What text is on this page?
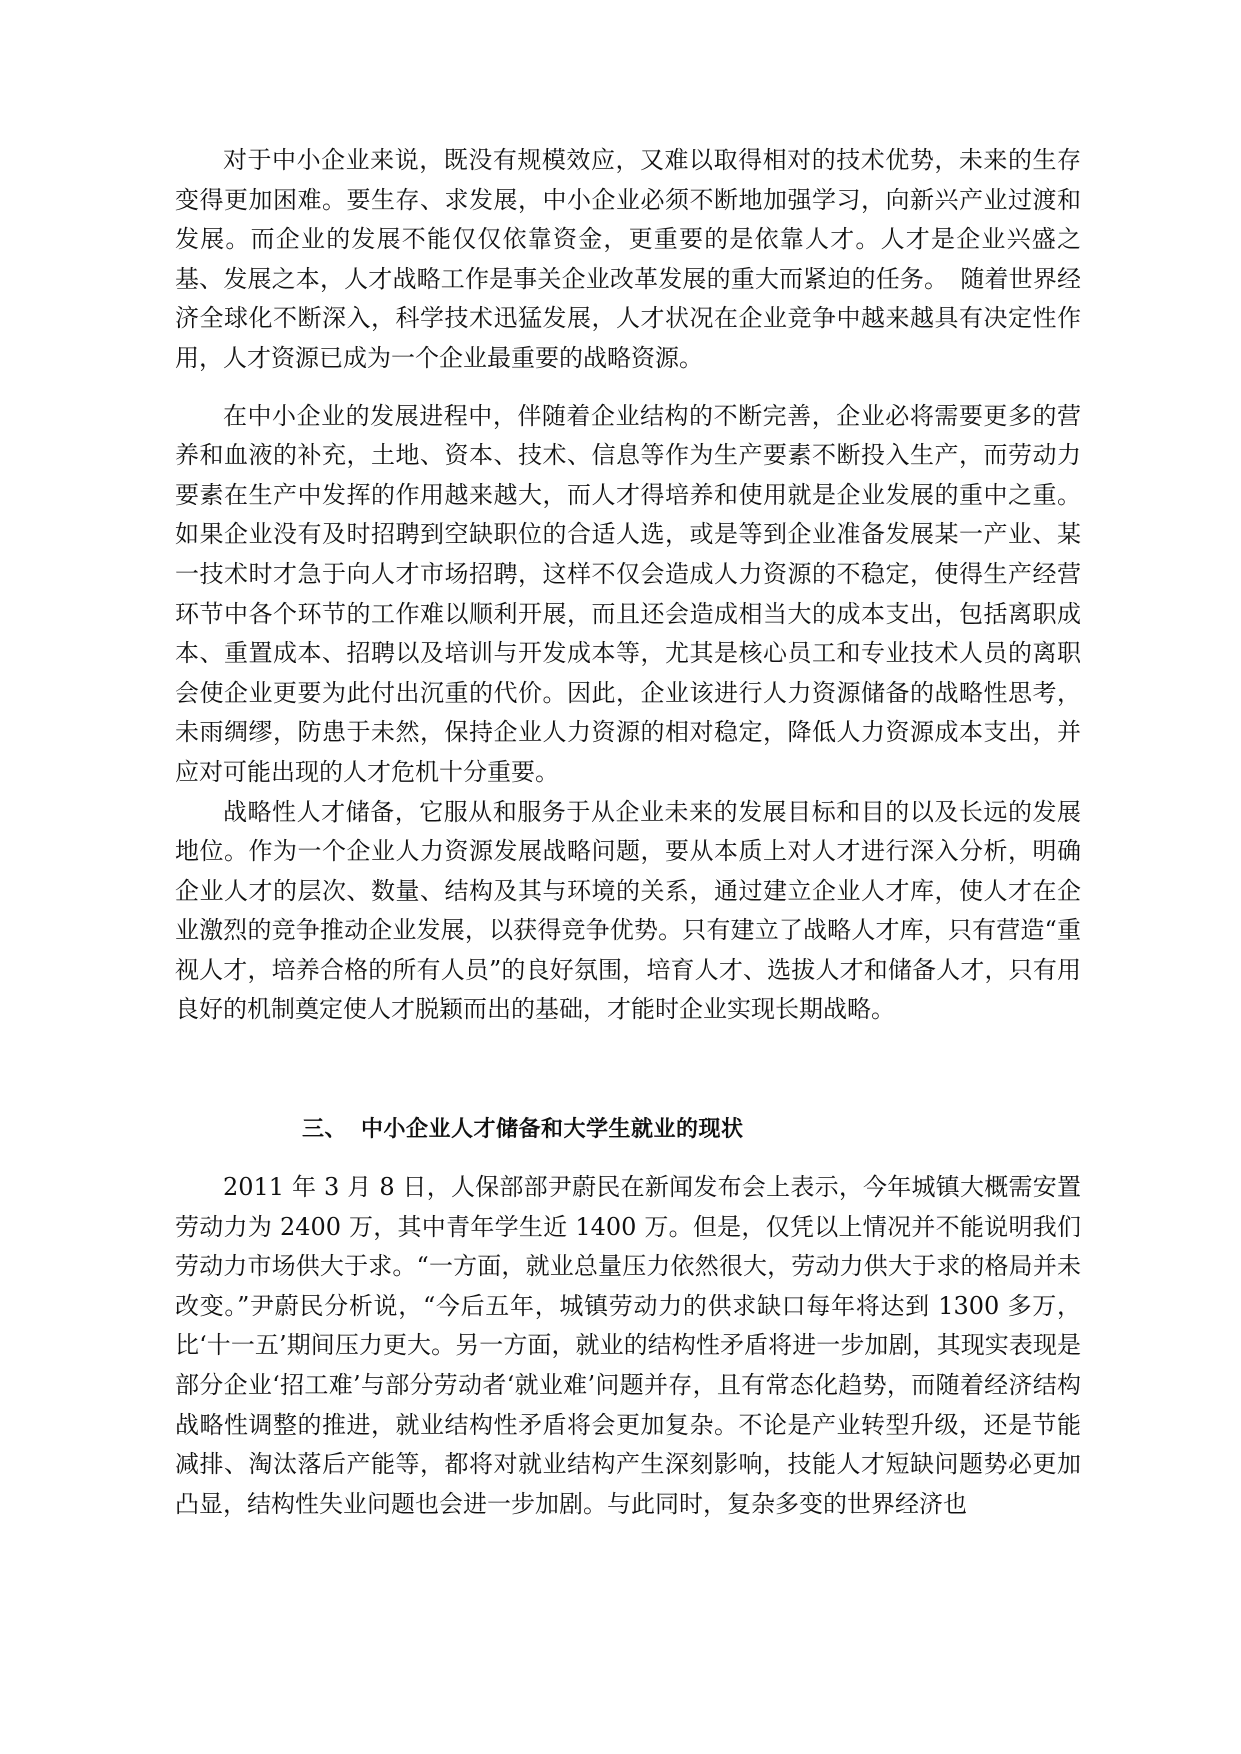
对于中小企业来说，既没有规模效应，又难以取得相对的技术优势，未来的生存变得更加困难。要生存、求发展，中小企业必须不断地加强学习，向新兴产业过渡和发展。而企业的发展不能仅仅依靠资金，更重要的是依靠人才。人才是企业兴盛之基、发展之本，人才战略工作是事关企业改革发展的重大而紧迫的任务。　随着世界经济全球化不断深入，科学技术迅猛发展，人才状况在企业竞争中越来越具有决定性作用，人才资源已成为一个企业最重要的战略资源。

在中小企业的发展进程中，伴随着企业结构的不断完善，企业必将需要更多的营养和血液的补充，土地、资本、技术、信息等作为生产要素不断投入生产，而劳动力要素在生产中发挥的作用越来越大，而人才得培养和使用就是企业发展的重中之重。如果企业没有及时招聘到空缺职位的合适人选，或是等到企业准备发展某一产业、某一技术时才急于向人才市场招聘，这样不仅会造成人力资源的不稳定，使得生产经营环节中各个环节的工作难以顺利开展，而且还会造成相当大的成本支出，包括离职成本、重置成本、招聘以及培训与开发成本等，尤其是核心员工和专业技术人员的离职会使企业更要为此付出沉重的代价。因此，企业该进行人力资源储备的战略性思考，未雨绸缪，防患于未然，保持企业人力资源的相对稳定，降低人力资源成本支出，并应对可能出现的人才危机十分重要。

战略性人才储备，它服从和服务于从企业未来的发展目标和目的以及长远的发展地位。作为一个企业人力资源发展战略问题，要从本质上对人才进行深入分析，明确企业人才的层次、数量、结构及其与环境的关系，通过建立企业人才库，使人才在企业激烈的竞争推动企业发展，以获得竞争优势。只有建立了战略人才库，只有营造“重视人才，培养合格的所有人员”的良好氛围，培育人才、选拔人才和储备人才，只有用良好的机制奠定使人才脱颖而出的基础，才能时企业实现长期战略。

三、 中小企业人才储备和大学生就业的现状

2011 年 3 月 8 日，人保部部尹蔚民在新闻发布会上表示，今年城镇大概需安置劳动力为 2400 万，其中青年学生近 1400 万。但是，仅凭以上情况并不能说明我们劳动力市场供大于求。“一方面，就业总量压力依然很大，劳动力供大于求的格局并未改变。”尹蔚民分析说，“今后五年，城镇劳动力的供求缺口每年将达到 1300 多万，比‘十一五’期间压力更大。另一方面，就业的结构性矛盾将进一步加剧，其现实表现是部分企业‘招工难’与部分劳动者‘就业难’问题并存，且有常态化趋势，而随着经济结构战略性调整的推进，就业结构性矛盾将会更加复杂。不论是产业转型升级，还是节能减排、淘汰落后产能等，都将对就业结构产生深刻影响，技能人才短缺问题势必更加凸显，结构性失业问题也会进一步加剧。与此同时，复杂多变的世界经济也
